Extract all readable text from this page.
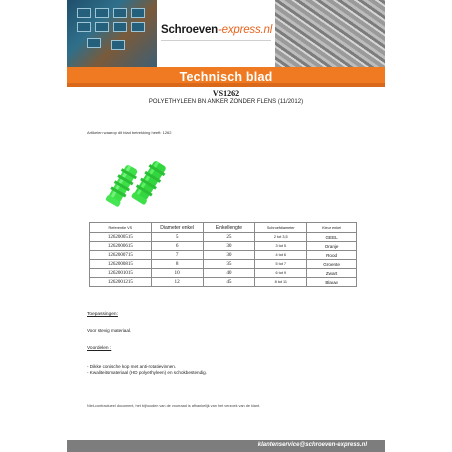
Schroeven-express.nl
Technisch blad
VS1262
POLYETHYLEEN BN ANKER ZONDER FLENS (11/2012)
Artikelen waarop dit blad betrekking heeft: 1262
Referentie VS	Diameter enkel	Enkellengte	Schroefdiameter	Kleur enkel
1262000515	5	25	2 tot 3,5	GEEL
1262000615	6	30	3 tot 5	Oranje
1262000715	7	30	4 tot 6	Rood
1262000815	8	35	5 tot 7	Groente
1262001015	10	40	6 tot 9	Zwart
1262001215	12	45	8 tot 11	Blauw
Toepassingen:
Voor stevig materiaal.
Voordelen :
- Dikke conische kop met anti-rotatievinnen.
- Kwaliteitsmateriaal (HD polyethyleen) en schokbestendig.
Niet-contractueel document, het bijhouden van de voorraad is afhankelijk van het verzoek van de klant.
klantenservice@schroeven-express.nl
